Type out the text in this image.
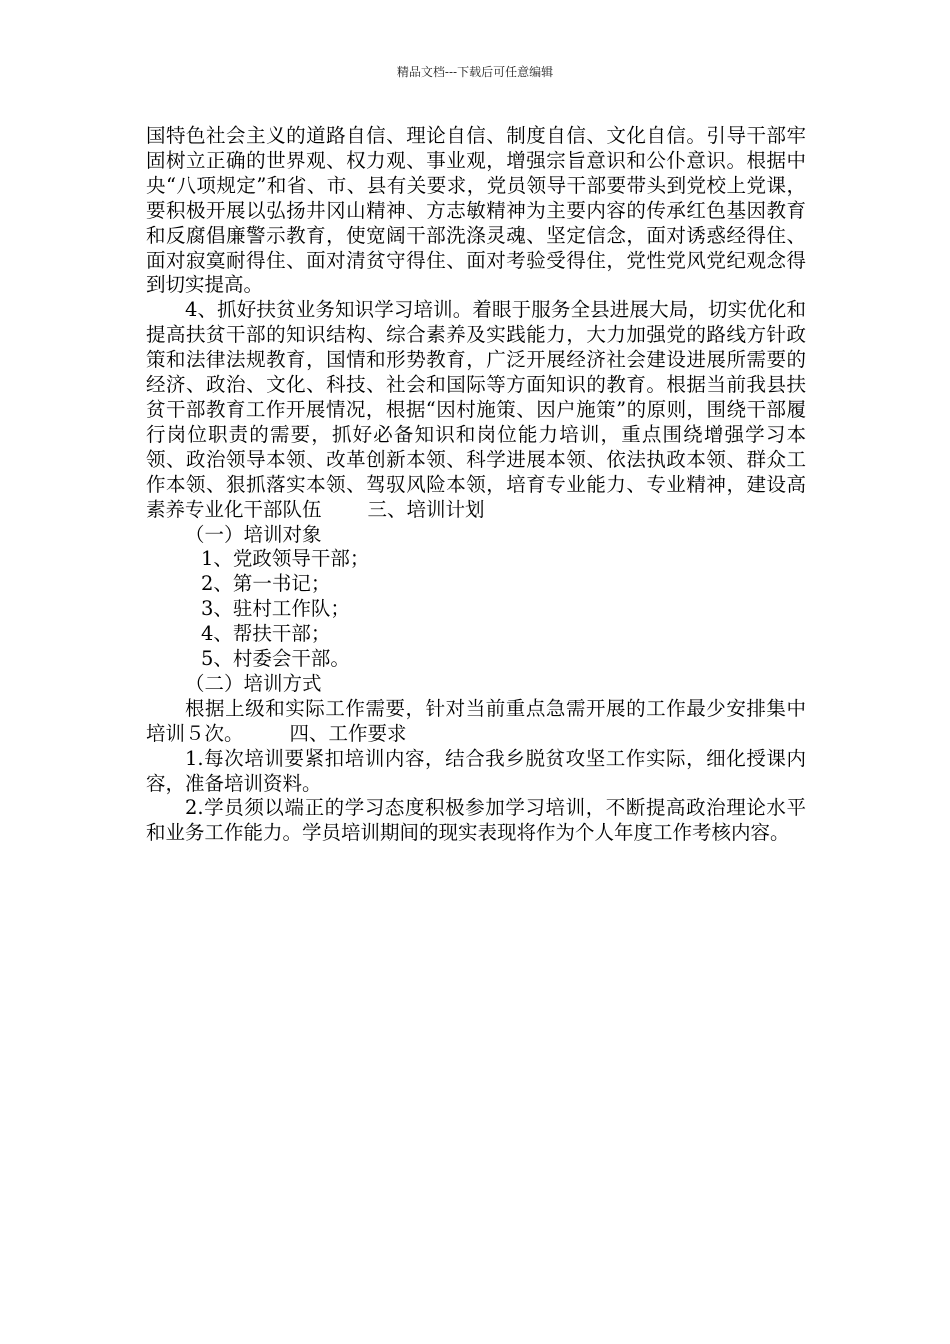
精品文档---下载后可任意编辑

国特色社会主义的道路自信、理论自信、制度自信、文化自信。引导干部牢固树立正确的世界观、权力观、事业观，增强宗旨意识和公仆意识。根据中央“八项规定”和省、市、县有关要求，党员领导干部要带头到党校上党课，要积极开展以弘扬井冈山精神、方志敏精神为主要内容的传承红色基因教育和反腐倡廉警示教育，使宽阔干部洗涤灵魂、坚定信念，面对诱惑经得住、面对寂寞耐得住、面对清贫守得住、面对考验受得住，党性党风党纪观念得到切实提高。

4、抓好扶贫业务知识学习培训。着眼于服务全县进展大局，切实优化和提高扶贫干部的知识结构、综合素养及实践能力，大力加强党的路线方针政策和法律法规教育，国情和形势教育，广泛开展经济社会建设进展所需要的经济、政治、文化、科技、社会和国际等方面知识的教育。根据当前我县扶贫干部教育工作开展情况，根据“因村施策、因户施策”的原则，围绕干部履行岗位职责的需要，抓好必备知识和岗位能力培训，重点围绕增强学习本领、政治领导本领、改革创新本领、科学进展本领、依法执政本领、群众工作本领、狠抓落实本领、驾驭风险本领，培育专业能力、专业精神，建设高素养专业化干部队伍 三、培训计划

（一）培训对象

1、党政领导干部；

2、第一书记；

3、驻村工作队；

4、帮扶干部；

5、村委会干部。

（二）培训方式

根据上级和实际工作需要，针对当前重点急需开展的工作最少安排集中培训５次。 四、工作要求

1.每次培训要紧扣培训内容，结合我乡脱贫攻坚工作实际，细化授课内容，准备培训资料。

2.学员须以端正的学习态度积极参加学习培训，不断提高政治理论水平和业务工作能力。学员培训期间的现实表现将作为个人年度工作考核内容。
